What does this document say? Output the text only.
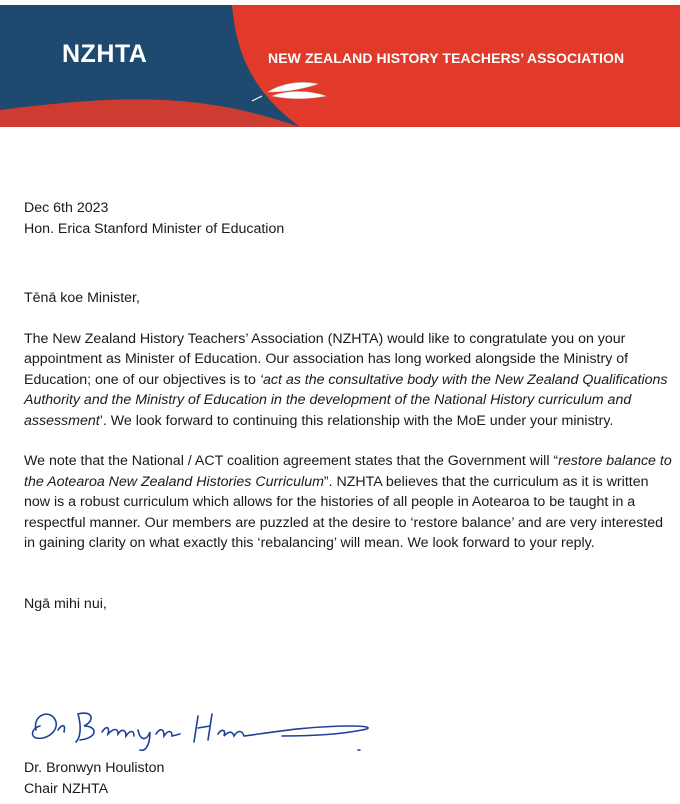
NZHTA	NEW ZEALAND HISTORY TEACHERS’ ASSOCIATION

Dec 6th 2023

Hon. Erica Stanford Minister of Education

Tēnā koe Minister,

The New Zealand History Teachers’ Association (NZHTA) would like to congratulate you on your appointment as Minister of Education. Our association has long worked alongside the Ministry of Education; one of our objectives is to ‘act as the consultative body with the New Zealand Qualifications Authority and the Ministry of Education in the development of the National History curriculum and assessment’. We look forward to continuing this relationship with the MoE under your ministry.

We note that the National / ACT coalition agreement states that the Government will “restore balance to the Aotearoa New Zealand Histories Curriculum”. NZHTA believes that the curriculum as it is written now is a robust curriculum which allows for the histories of all people in Aotearoa to be taught in a respectful manner. Our members are puzzled at the desire to ‘restore balance’ and are very interested in gaining clarity on what exactly this ‘rebalancing’ will mean. We look forward to your reply.

Ngā mihi nui,

Dr. Bronwyn Houliston

Chair NZHTA
